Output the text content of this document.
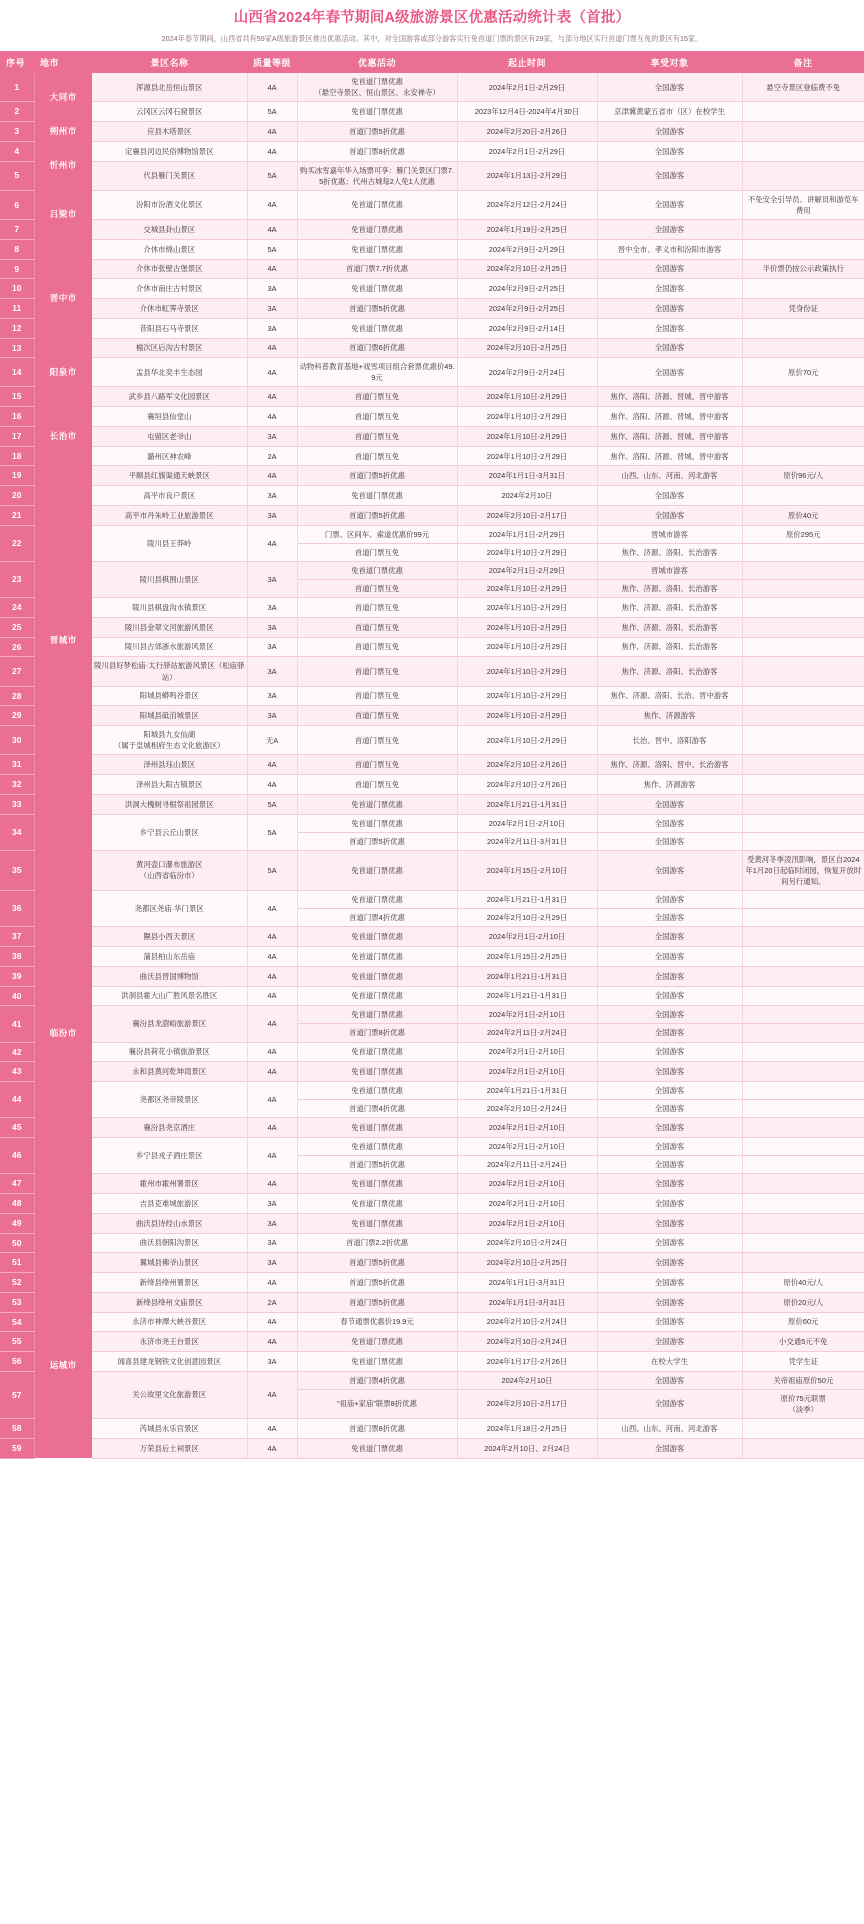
山西省2024年春节期间A级旅游景区优惠活动统计表（首批）
2024年春节期间，山西省共有59家A级旅游景区推出优惠活动。其中，对全国游客或部分游客实行免首道门票的景区有29家，与部分地区实行首道门票互免的景区有15家。
序号	地市	景区名称	质量等级	优惠活动	起止时间	享受对象	备注
1	大同市	浑源县北岳恒山景区	4A	免首道门票优惠
（悬空寺景区、恒山景区、永安禅寺）	2024年2月1日-2月29日	全国游客	悬空寺景区登临费不免
2		云冈区云冈石窟景区	5A	免首道门票优惠	2023年12月4日-2024年4月30日	京津冀黄蒙五省市（区）在校学生	
3	朔州市	应县木塔景区	4A	首道门票5折优惠	2024年2月20日-2月26日	全国游客	
4	忻州市	定襄县河边民俗博物馆景区	4A	首道门票8折优惠	2024年2月1日-2月29日	全国游客	
5		代县雁门关景区	5A	购买冰雪嘉年华入场票可享：雁门关景区门票7.5折优惠；代州古城每2人免1人优惠	2024年1月13日-2月29日	全国游客	
6	吕梁市	汾阳市汾酒文化景区	4A	免首道门票优惠	2024年2月12日-2月24日	全国游客	不免安全引导员、讲解员和游览车费用
7		交城县卦山景区	4A	免首道门票优惠	2024年1月19日-2月25日	全国游客	
8	晋中市	介休市绵山景区	5A	免首道门票优惠	2024年2月9日-2月29日	晋中全市、孝义市和汾阳市游客	
9		介休市张壁古堡景区	4A	首道门票7.7折优惠	2024年2月10日-2月25日	全国游客	半价票仍按公示政策执行
10		介休市南庄古村景区	3A	免首道门票优惠	2024年2月9日-2月25日	全国游客	
11		介休市虹霁寺景区	3A	首道门票5折优惠	2024年2月9日-2月25日	全国游客	凭身份证
12		昔阳县石马寺景区	3A	免首道门票优惠	2024年2月9日-2月14日	全国游客	
13		榆次区后沟古村景区	4A	首道门票6折优惠	2024年2月10日-2月25日	全国游客	
14	阳泉市	盂县华北奕丰生态园	4A	动物科普教育基地+戏雪项目组合套票优惠价49.9元	2024年2月9日-2月24日	全国游客	原价70元
15	长治市	武乡县八路军文化园景区	4A	首道门票互免	2024年1月10日-2月29日	焦作、洛阳、济源、晋城、晋中游客	
16		襄垣县仙堂山	4A	首道门票互免	2024年1月10日-2月29日	焦作、洛阳、济源、晋城、晋中游客	
17		屯留区老爷山	3A	首道门票互免	2024年1月10日-2月29日	焦作、洛阳、济源、晋城、晋中游客	
18		潞州区神农峰	2A	首道门票互免	2024年1月10日-2月29日	焦作、洛阳、济源、晋城、晋中游客	
19		平顺县红旗渠通天峡景区	4A	首道门票5折优惠	2024年1月1日-3月31日	山西、山东、河南、河北游客	原价96元/人
20	晋城市	高平市良户景区	3A	免首道门票优惠	2024年2月10日	全国游客	
21		高平市丹朱岭工业旅游景区	3A	首道门票5折优惠	2024年2月10日-2月17日	全国游客	原价40元
22		陵川县王莽岭	4A	门票、区间车、索道优惠价99元	2024年1月1日-2月29日	晋城市游客	原价295元
				首道门票互免	2024年1月10日-2月29日	焦作、济源、洛阳、长治游客	
23		陵川县棋围山景区	3A	免首道门票优惠	2024年2月1日-2月29日	晋城市游客	
				首道门票互免	2024年1月10日-2月29日	焦作、济源、洛阳、长治游客	
24		陵川县棋盘沟水镇景区	3A	首道门票互免	2024年1月10日-2月29日	焦作、济源、洛阳、长治游客	
25		陵川县金翠文河旅游风景区	3A	首道门票互免	2024年1月10日-2月29日	焦作、济源、洛阳、长治游客	
26		陵川县古郊浙水旅游风景区	3A	首道门票互免	2024年1月10日-2月29日	焦作、济源、洛阳、长治游客	
27		陵川县好梦松庙·太行驿站旅游风景区（松庙驿站）	3A	首道门票互免	2024年1月10日-2月29日	焦作、济源、洛阳、长治游客	
28		阳城县蟒鸣谷景区	3A	首道门票互免	2024年1月10日-2月29日	焦作、济源、洛阳、长治、晋中游客	
29		阳城县砥洎城景区	3A	首道门票互免	2024年1月10日-2月29日	焦作、济源游客	
30		阳城县九女仙湖
（属于皇城相府生态文化旅游区）	无A	首道门票互免	2024年1月10日-2月29日	长治、晋中、洛阳游客	
31		泽州县珏山景区	4A	首道门票互免	2024年2月10日-2月26日	焦作、济源、洛阳、晋中、长治游客	
32		泽州县大阳古镇景区	4A	首道门票互免	2024年2月10日-2月26日	焦作、济源游客	
33	临汾市	洪洞大槐树寻根祭祖园景区	5A	免首道门票优惠	2024年1月21日-1月31日	全国游客	
34		乡宁县云丘山景区	5A	免首道门票优惠	2024年2月1日-2月10日	全国游客	
				首道门票5折优惠	2024年2月11日-3月31日	全国游客	
35		黄河壶口瀑布旅游区
（山西省临汾市）	5A	免首道门票优惠	2024年1月15日-2月10日	全国游客	受黄河冬季凌汛影响，景区自2024年1月20日起临时闭园，恢复开放时间另行通知。
36		尧都区尧庙·华门景区	4A	免首道门票优惠	2024年1月21日-1月31日	全国游客	
				首道门票4折优惠	2024年2月10日-2月29日	全国游客	
37		隰县小西天景区	4A	免首道门票优惠	2024年2月1日-2月10日	全国游客	
38		蒲县柏山东岳庙	4A	免首道门票优惠	2024年1月15日-2月25日	全国游客	
39		曲沃县晋国博物馆	4A	免首道门票优惠	2024年1月21日-1月31日	全国游客	
40		洪洞县霍大山广胜风景名胜区	4A	免首道门票优惠	2024年1月21日-1月31日	全国游客	
41		襄汾县龙澍峪旅游景区	4A	免首道门票优惠	2024年2月1日-2月10日	全国游客	
				首道门票8折优惠	2024年2月11日-2月24日	全国游客	
42		襄汾县荷花小镇旅游景区	4A	免首道门票优惠	2024年2月1日-2月10日	全国游客	
43		永和县黄河乾坤湾景区	4A	免首道门票优惠	2024年2月1日-2月10日	全国游客	
44		尧都区尧帝陵景区	4A	免首道门票优惠	2024年1月21日-1月31日	全国游客	
				首道门票4折优惠	2024年2月10日-2月24日	全国游客	
45		襄汾县尧京酒庄	4A	免首道门票优惠	2024年2月1日-2月10日	全国游客	
46		乡宁县戎子酒庄景区	4A	免首道门票优惠	2024年2月1日-2月10日	全国游客	
				首道门票5折优惠	2024年2月11日-2月24日	全国游客	
47		霍州市霍州署景区	4A	免首道门票优惠	2024年2月1日-2月10日	全国游客	
48		吉县克难城旅游区	3A	免首道门票优惠	2024年2月1日-2月10日	全国游客	
49		曲沃县诗经山水景区	3A	免首道门票优惠	2024年2月1日-2月10日	全国游客	
50		曲沃县朝阳沟景区	3A	首道门票2.2折优惠	2024年2月10日-2月24日	全国游客	
51		翼城县佛爷山景区	3A	首道门票5折优惠	2024年2月10日-2月25日	全国游客	
52	运城市	新绛县绛州署景区	4A	首道门票5折优惠	2024年1月1日-3月31日	全国游客	原价40元/人
53		新绛县绛州文庙景区	2A	首道门票5折优惠	2024年1月1日-3月31日	全国游客	原价20元/人
54		永济市神潭大峡谷景区	4A	春节通票优惠价19.9元	2024年2月10日-2月24日	全国游客	原价60元
55		永济市尧王台景区	4A	免首道门票优惠	2024年2月10日-2月24日	全国游客	小交通5元不免
56		闻喜县建龙钢铁文化创意园景区	3A	免首道门票优惠	2024年1月17日-2月26日	在校大学生	凭学生证
57		关公故里文化旅游景区	4A	首道门票4折优惠	2024年2月10日	全国游客	关帝祖庙原价50元
				“祖庙+家庙”联票8折优惠	2024年2月10日-2月17日	全国游客	原价75元联票
（淡季）
58		芮城县永乐宫景区	4A	首道门票8折优惠	2024年1月18日-2月25日	山西、山东、河南、河北游客	
59		万荣县后土祠景区	4A	免首道门票优惠	2024年2月10日、2月24日	全国游客	
